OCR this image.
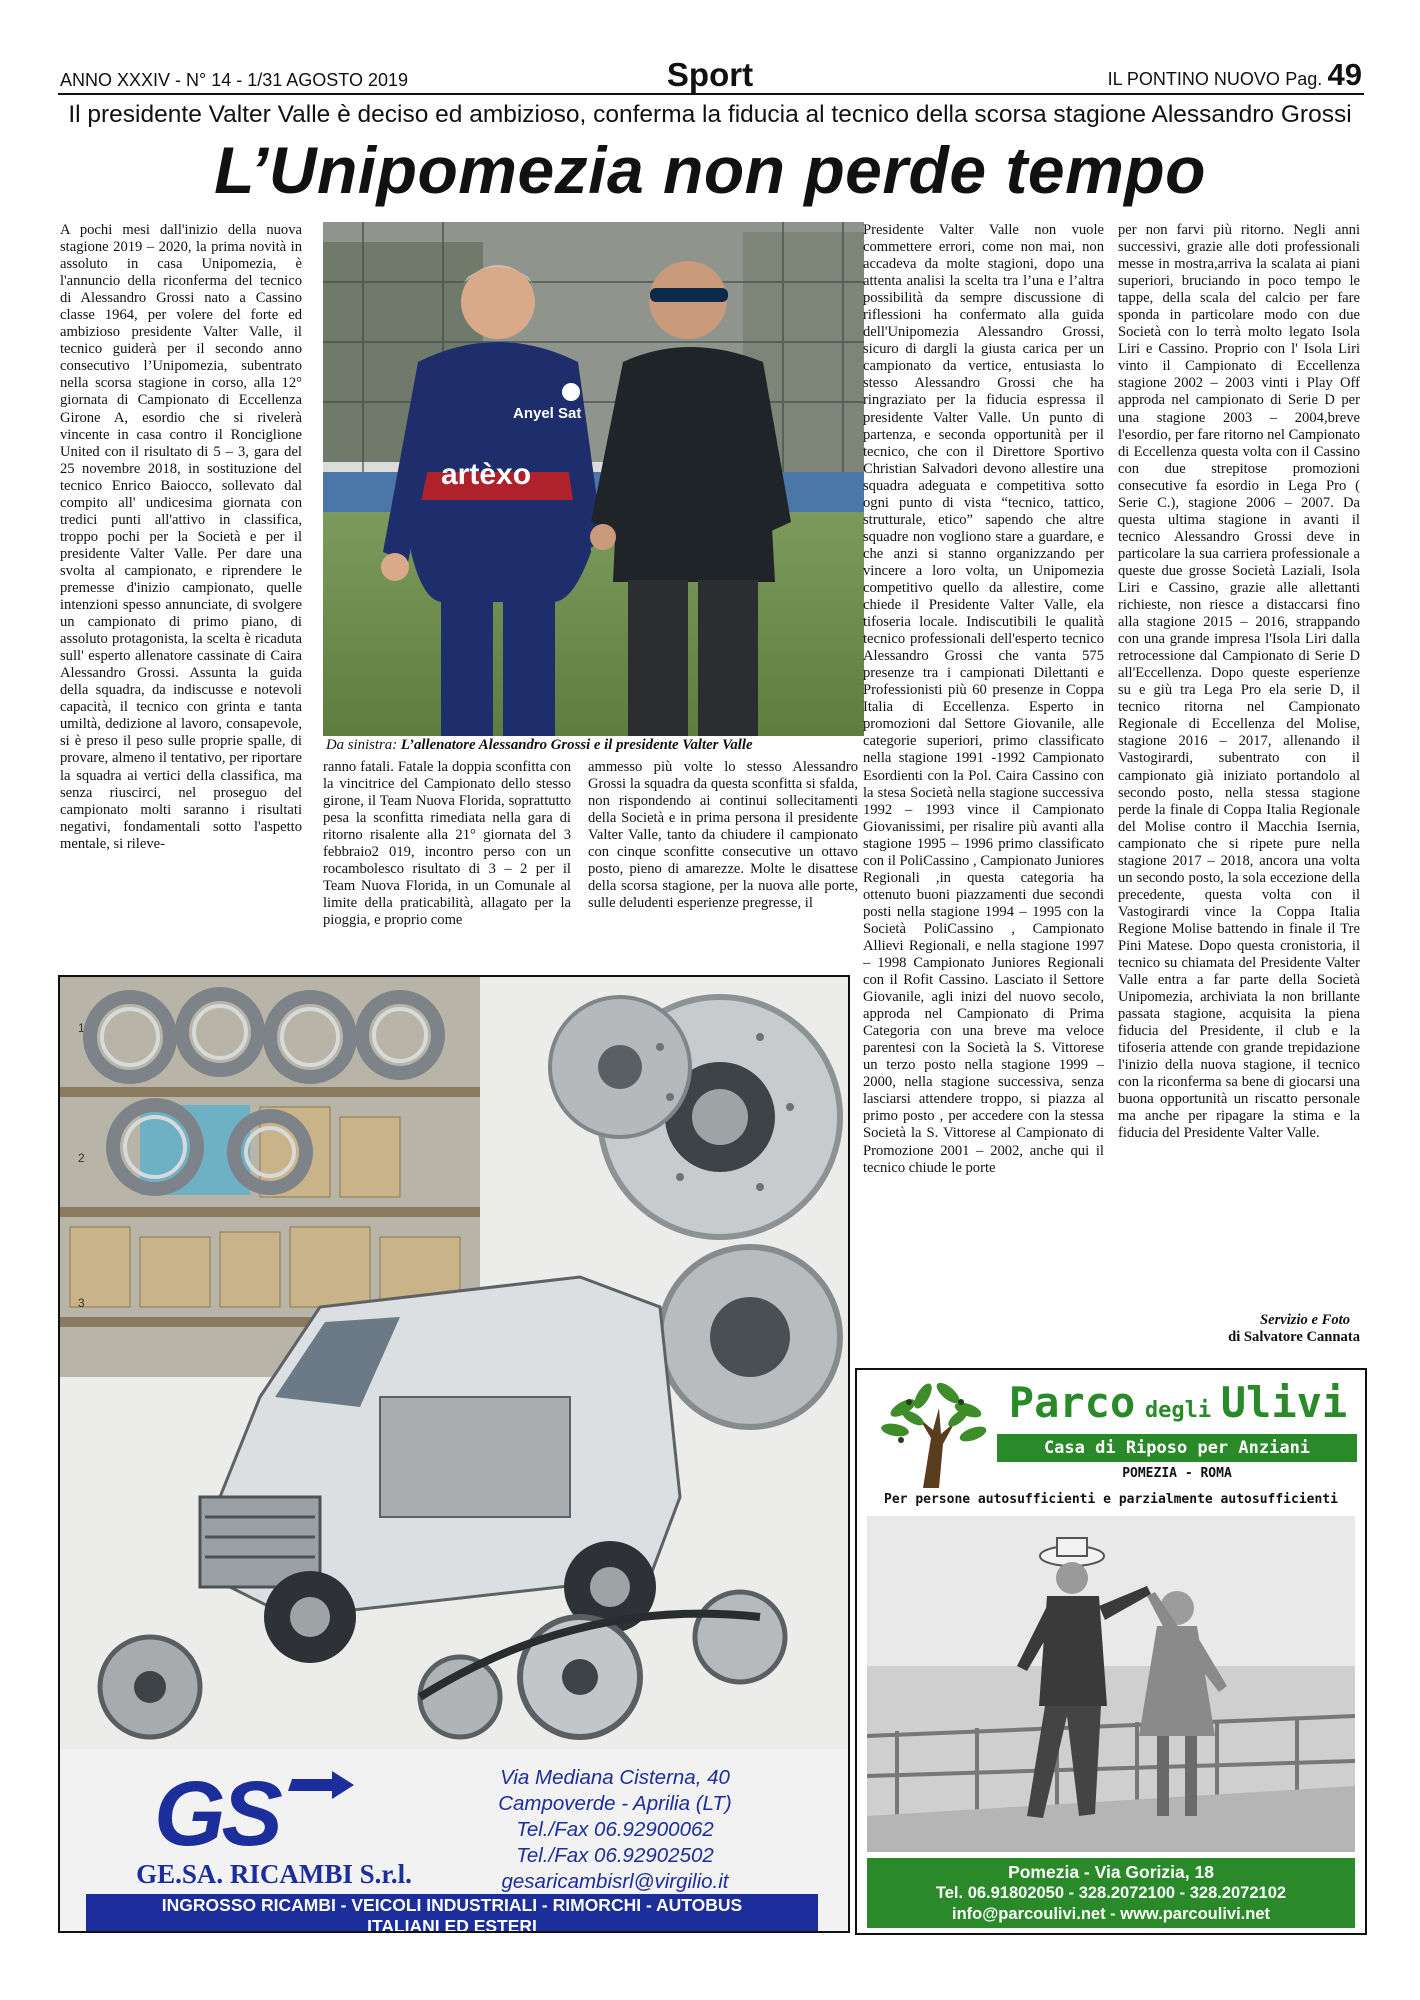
ANNO XXXIV - N° 14 - 1/31 AGOSTO 2019	Sport	IL PONTINO NUOVO Pag. 49
Il presidente Valter Valle è deciso ed ambizioso, conferma la fiducia al tecnico della scorsa stagione Alessandro Grossi
L’Unipomezia non perde tempo

A pochi mesi dall'inizio della nuova stagione 2019 – 2020, la prima novità in assoluto in casa Unipomezia, è l'annuncio della riconferma del tecnico di Alessandro Grossi nato a Cassino classe 1964, per volere del forte ed ambizioso presidente Valter Valle, il tecnico guiderà per il secondo anno consecutivo l’Unipomezia, subentrato nella scorsa stagione in corso, alla 12° giornata di Campionato di Eccellenza Girone A, esordio che si rivelerà vincente in casa contro il Ronciglione United con il risultato di 5 – 3, gara del 25 novembre 2018, in sostituzione del tecnico Enrico Baiocco, sollevato dal compito all' undicesima giornata con tredici punti all'attivo in classifica, troppo pochi per la Società e per il presidente Valter Valle. Per dare una svolta al campionato, e riprendere le premesse d'inizio campionato, quelle intenzioni spesso annunciate, di svolgere un campionato di primo piano, di assoluto protagonista, la scelta è ricaduta sull' esperto allenatore cassinate di Caira Alessandro Grossi. Assunta la guida della squadra, da indiscusse e notevoli capacità, il tecnico con grinta e tanta umiltà, dedizione al lavoro, consapevole, si è preso il peso sulle proprie spalle, di provare, almeno il tentativo, per riportare la squadra ai vertici della classifica, ma senza riuscirci, nel proseguo del campionato molti saranno i risultati negativi, fondamentali sotto l'aspetto mentale, si rileve-

Anyel Sat
artèxo
Da sinistra: L’allenatore Alessandro Grossi e il presidente Valter Valle

ranno fatali. Fatale la doppia sconfitta con la vincitrice del Campionato dello stesso girone, il Team Nuova Florida, soprattutto pesa la sconfitta rimediata nella gara di ritorno risalente alla 21° giornata del 3 febbraio2 019, incontro perso con un rocambolesco risultato di 3 – 2 per il Team Nuova Florida, in un Comunale al limite della praticabilità, allagato per la pioggia, e proprio come

ammesso più volte lo stesso Alessandro Grossi la squadra da questa sconfitta si sfalda, non rispondendo ai continui sollecitamenti della Società e in prima persona il presidente Valter Valle, tanto da chiudere il campionato con cinque sconfitte consecutive un ottavo posto, pieno di amarezze. Molte le disattese della scorsa stagione, per la nuova alle porte, sulle deludenti esperienze pregresse, il

Presidente Valter Valle non vuole commettere errori, come non mai, non accadeva da molte stagioni, dopo una attenta analisi la scelta tra l’una e l’altra possibilità da sempre discussione di riflessioni ha confermato alla guida dell'Unipomezia Alessandro Grossi, sicuro di dargli la giusta carica per un campionato da vertice, entusiasta lo stesso Alessandro Grossi che ha ringraziato per la fiducia espressa il presidente Valter Valle. Un punto di partenza, e seconda opportunità per il tecnico, che con il Direttore Sportivo Christian Salvadori devono allestire una squadra adeguata e competitiva sotto ogni punto di vista “tecnico, tattico, strutturale, etico” sapendo che altre squadre non vogliono stare a guardare, e che anzi si stanno organizzando per vincere a loro volta, un Unipomezia competitivo quello da allestire, come chiede il Presidente Valter Valle, ela tifoseria locale. Indiscutibili le qualità tecnico professionali dell'esperto tecnico Alessandro Grossi che vanta 575 presenze tra i campionati Dilettanti e Professionisti più 60 presenze in Coppa Italia di Eccellenza. Esperto in promozioni dal Settore Giovanile, alle categorie superiori, primo classificato nella stagione 1991 -1992 Campionato Esordienti con la Pol. Caira Cassino con la stesa Società nella stagione successiva 1992 – 1993 vince il Campionato Giovanissimi, per risalire più avanti alla stagione 1995 – 1996 primo classificato con il PoliCassino , Campionato Juniores Regionali ,in questa categoria ha ottenuto buoni piazzamenti due secondi posti nella stagione 1994 – 1995 con la Società PoliCassino , Campionato Allievi Regionali, e nella stagione 1997 – 1998 Campionato Juniores Regionali con il Rofit Cassino. Lasciato il Settore Giovanile, agli inizi del nuovo secolo, approda nel Campionato di Prima Categoria con una breve ma veloce parentesi con la Società la S. Vittorese un terzo posto nella stagione 1999 – 2000, nella stagione successiva, senza lasciarsi attendere troppo, si piazza al primo posto , per accedere con la stessa Società la S. Vittorese al Campionato di Promozione 2001 – 2002, anche qui il tecnico chiude le porte

per non farvi più ritorno. Negli anni successivi, grazie alle doti professionali messe in mostra,arriva la scalata ai piani superiori, bruciando in poco tempo le tappe, della scala del calcio per fare sponda in particolare modo con due Società con lo terrà molto legato Isola Liri e Cassino. Proprio con l' Isola Liri vinto il Campionato di Eccellenza stagione 2002 – 2003 vinti i Play Off approda nel campionato di Serie D per una stagione 2003 – 2004,breve l'esordio, per fare ritorno nel Campionato di Eccellenza questa volta con il Cassino con due strepitose promozioni consecutive fa esordio in Lega Pro ( Serie C.), stagione 2006 – 2007. Da questa ultima stagione in avanti il tecnico Alessandro Grossi deve in particolare la sua carriera professionale a queste due grosse Società Laziali, Isola Liri e Cassino, grazie alle allettanti richieste, non riesce a distaccarsi fino alla stagione 2015 – 2016, strappando con una grande impresa l'Isola Liri dalla retrocessione dal Campionato di Serie D all'Eccellenza. Dopo queste esperienze su e giù tra Lega Pro ela serie D, il tecnico ritorna nel Campionato Regionale di Eccellenza del Molise, stagione 2016 – 2017, allenando il Vastogirardi, subentrato con il campionato già iniziato portandolo al secondo posto, nella stessa stagione perde la finale di Coppa Italia Regionale del Molise contro il Macchia Isernia, campionato che si ripete pure nella stagione 2017 – 2018, ancora una volta un secondo posto, la sola eccezione della precedente, questa volta con il Vastogirardi vince la Coppa Italia Regione Molise battendo in finale il Tre Pini Matese. Dopo questa cronistoria, il tecnico su chiamata del Presidente Valter Valle entra a far parte della Società Unipomezia, archiviata la non brillante passata stagione, acquisita la piena fiducia del Presidente, il club e la tifoseria attende con grande trepidazione l'inizio della nuova stagione, il tecnico con la riconferma sa bene di giocarsi una buona opportunità un riscatto personale ma anche per ripagare la stima e la fiducia del Presidente Valter Valle.

Servizio e Foto
di Salvatore Cannata
1
2
3
GS
GE.SA. RICAMBI S.r.l.
Via Mediana Cisterna, 40
Campoverde - Aprilia (LT)
Tel./Fax 06.92900062
Tel./Fax 06.92902502
gesaricambisrl@virgilio.it
INGROSSO RICAMBI - VEICOLI INDUSTRIALI - RIMORCHI - AUTOBUS
ITALIANI ED ESTERI
Parco degli Ulivi
Casa di Riposo per Anziani
POMEZIA - ROMA
Per persone autosufficienti e parzialmente autosufficienti
Pomezia - Via Gorizia, 18
Tel. 06.91802050 - 328.2072100 - 328.2072102
info@parcoulivi.net - www.parcoulivi.net
